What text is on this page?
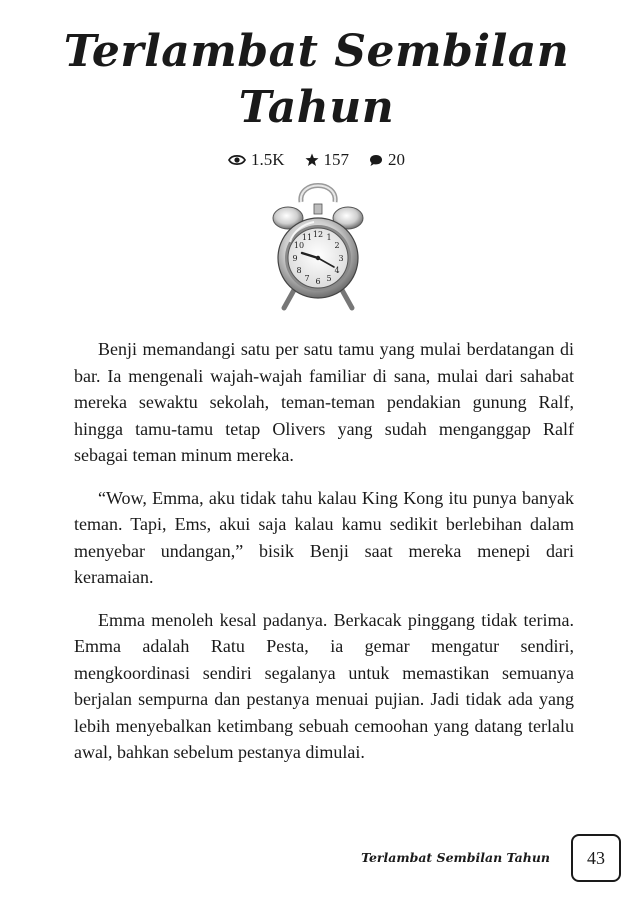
Terlambat Sembilan
Tahun
1.5K 157 20
12 1
2
3
4
5
6
7
8
9
10
11

Benji memandangi satu per satu tamu yang mulai berdatangan di bar. Ia mengenali wajah-wajah familiar di sana, mulai dari sahabat mereka sewaktu sekolah, teman-teman pendakian gunung Ralf, hingga tamu-tamu tetap Olivers yang sudah menganggap Ralf sebagai teman minum mereka.

“Wow, Emma, aku tidak tahu kalau King Kong itu punya banyak teman. Tapi, Ems, akui saja kalau kamu sedikit berlebihan dalam menyebar undangan,” bisik Benji saat mereka menepi dari keramaian.

Emma menoleh kesal padanya. Berkacak pinggang tidak terima. Emma adalah Ratu Pesta, ia gemar mengatur sendiri, mengkoordinasi sendiri segalanya untuk memastikan semuanya berjalan sempurna dan pestanya menuai pujian. Jadi tidak ada yang lebih menyebalkan ketimbang sebuah cemoohan yang datang terlalu awal, bahkan sebelum pestanya dimulai.

Terlambat Sembilan Tahun 43
